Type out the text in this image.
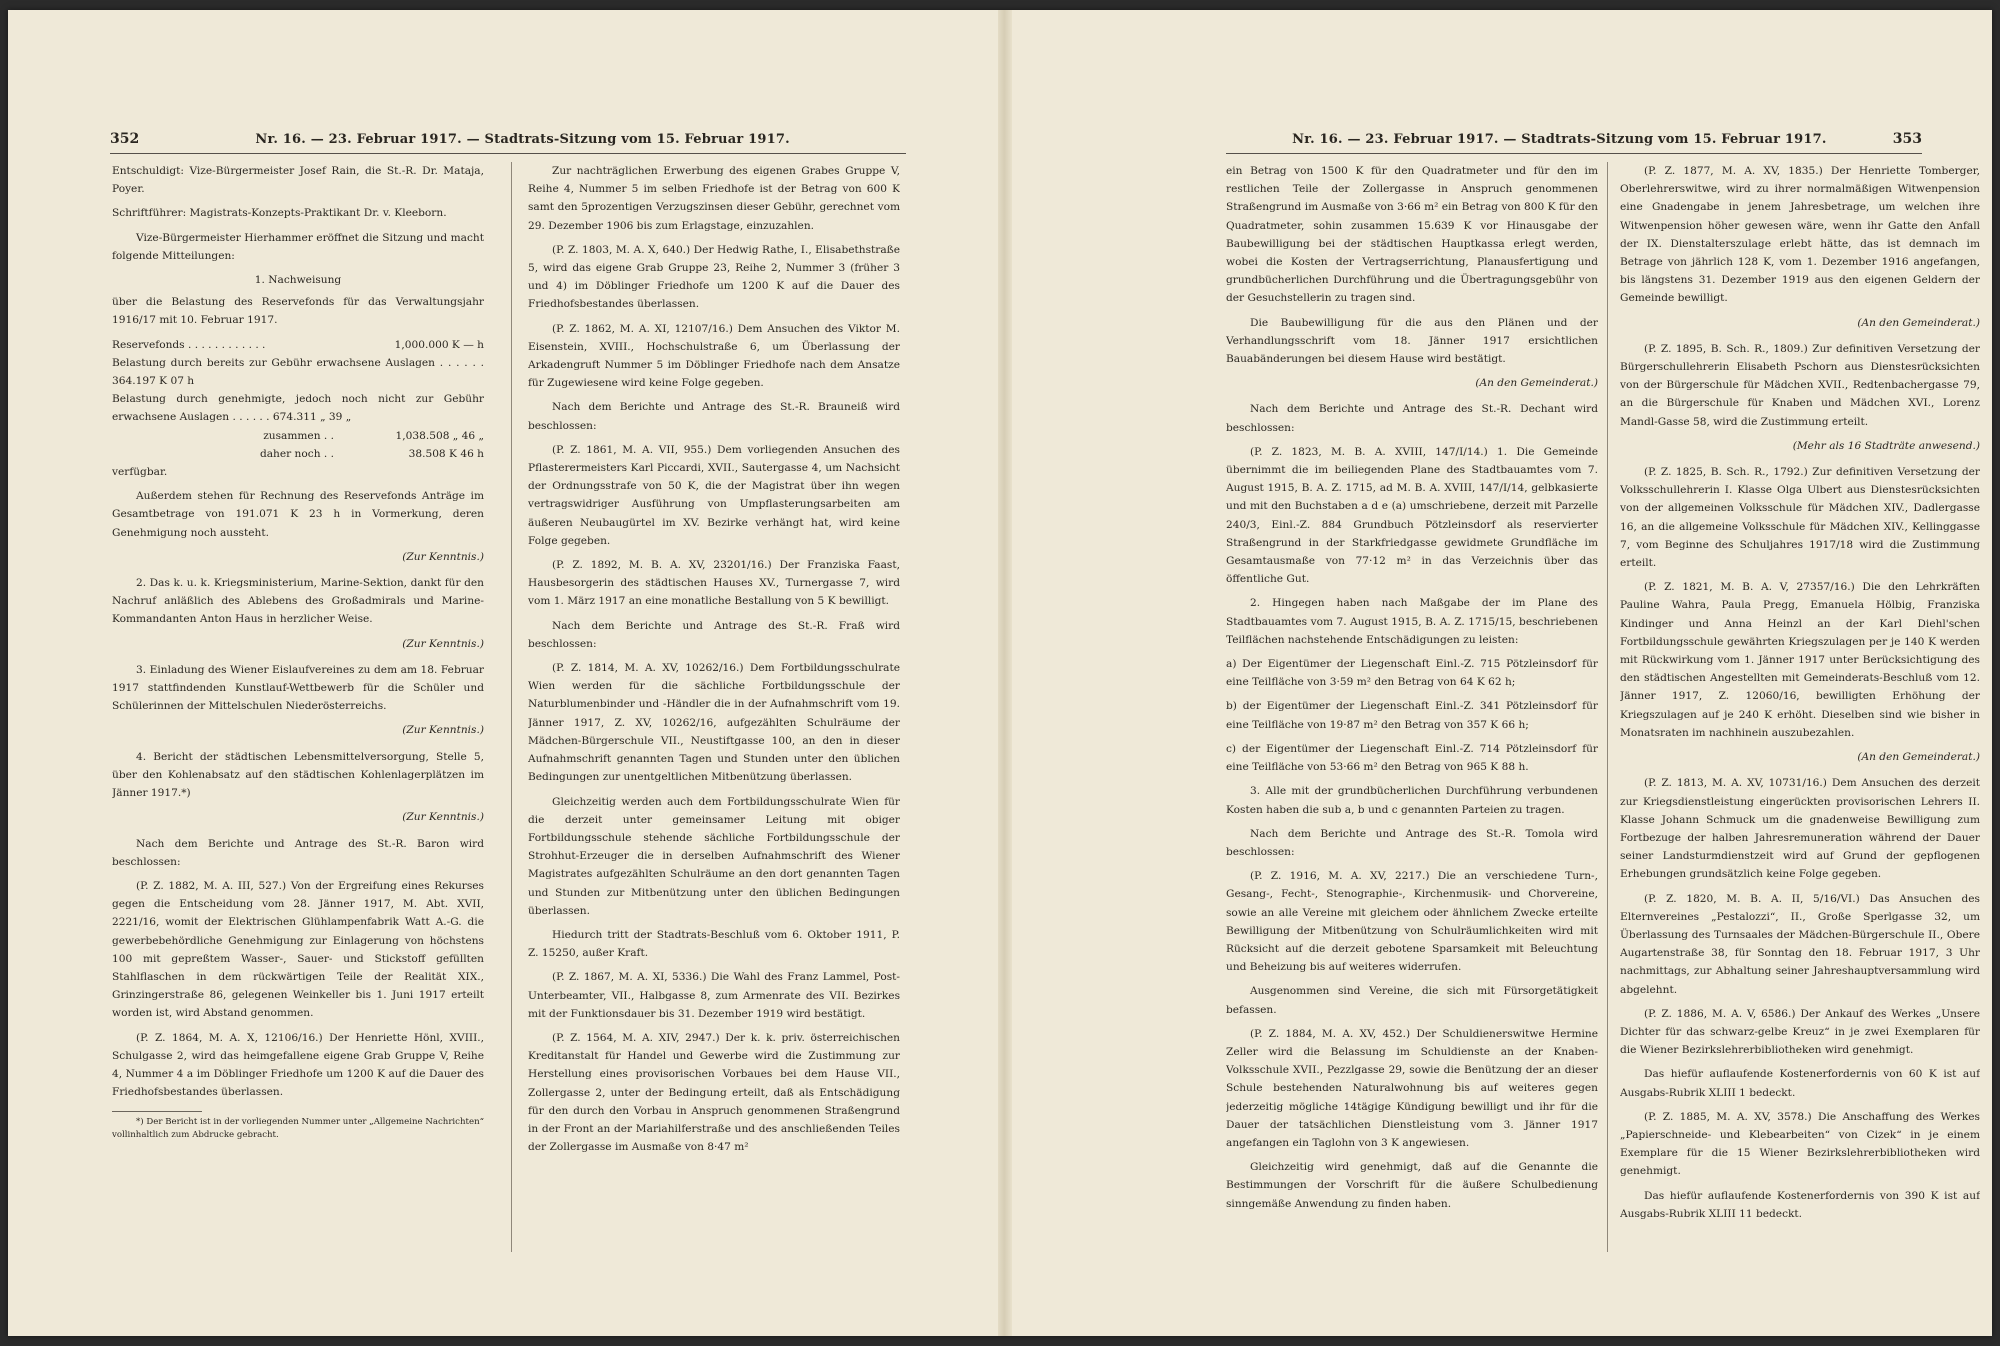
352	Nr. 16. — 23. Februar 1917. — Stadtrats-Sitzung vom 15. Februar 1917.

Entschuldigt: Vize-Bürgermeister Josef Rain, die St.-R. Dr. Mataja, Poyer.

Schriftführer: Magistrats-Konzepts-Praktikant Dr. v. Kleeborn.

Vize-Bürgermeister Hierhammer eröffnet die Sitzung und macht folgende Mitteilungen:

1. Nachweisung

über die Belastung des Reservefonds für das Verwaltungsjahr 1916/17 mit 10. Februar 1917.

Reservefonds . . . . . . . . . . . .	1,000.000 K — h
Belastung durch bereits zur Gebühr erwachsene Auslagen . . . . . . 364.197 K 07 h	
Belastung durch genehmigte, jedoch noch nicht zur Gebühr erwachsene Auslagen . . . . . . 674.311 „ 39 „	
zusammen . .	1,038.508 „ 46 „
daher noch . .	38.508 K 46 h

verfügbar.

Außerdem stehen für Rechnung des Reservefonds Anträge im Gesamtbetrage von 191.071 K 23 h in Vormerkung, deren Genehmigung noch aussteht.

(Zur Kenntnis.)

2. Das k. u. k. Kriegsministerium, Marine-Sektion, dankt für den Nachruf anläßlich des Ablebens des Großadmirals und Marine-Kommandanten Anton Haus in herzlicher Weise.

(Zur Kenntnis.)

3. Einladung des Wiener Eislaufvereines zu dem am 18. Februar 1917 stattfindenden Kunstlauf-Wettbewerb für die Schüler und Schülerinnen der Mittelschulen Niederösterreichs.

(Zur Kenntnis.)

4. Bericht der städtischen Lebensmittelversorgung, Stelle 5, über den Kohlenabsatz auf den städtischen Kohlenlagerplätzen im Jänner 1917.*)

(Zur Kenntnis.)

Nach dem Berichte und Antrage des St.-R. Baron wird beschlossen:

(P. Z. 1882, M. A. III, 527.) Von der Ergreifung eines Rekurses gegen die Entscheidung vom 28. Jänner 1917, M. Abt. XVII, 2221/16, womit der Elektrischen Glühlampenfabrik Watt A.-G. die gewerbebehördliche Genehmigung zur Einlagerung von höchstens 100 mit gepreßtem Wasser-, Sauer- und Stickstoff gefüllten Stahlflaschen in dem rückwärtigen Teile der Realität XIX., Grinzingerstraße 86, gelegenen Weinkeller bis 1. Juni 1917 erteilt worden ist, wird Abstand genommen.

(P. Z. 1864, M. A. X, 12106/16.) Der Henriette Hönl, XVIII., Schulgasse 2, wird das heimgefallene eigene Grab Gruppe V, Reihe 4, Nummer 4 a im Döblinger Friedhofe um 1200 K auf die Dauer des Friedhofsbestandes überlassen.

*) Der Bericht ist in der vorliegenden Nummer unter „Allgemeine Nachrichten“ vollinhaltlich zum Abdrucke gebracht.

Zur nachträglichen Erwerbung des eigenen Grabes Gruppe V, Reihe 4, Nummer 5 im selben Friedhofe ist der Betrag von 600 K samt den 5prozentigen Verzugszinsen dieser Gebühr, gerechnet vom 29. Dezember 1906 bis zum Erlagstage, einzuzahlen.

(P. Z. 1803, M. A. X, 640.) Der Hedwig Rathe, I., Elisabethstraße 5, wird das eigene Grab Gruppe 23, Reihe 2, Nummer 3 (früher 3 und 4) im Döblinger Friedhofe um 1200 K auf die Dauer des Friedhofsbestandes überlassen.

(P. Z. 1862, M. A. XI, 12107/16.) Dem Ansuchen des Viktor M. Eisenstein, XVIII., Hochschulstraße 6, um Überlassung der Arkadengruft Nummer 5 im Döblinger Friedhofe nach dem Ansatze für Zugewiesene wird keine Folge gegeben.

Nach dem Berichte und Antrage des St.-R. Brauneiß wird beschlossen:

(P. Z. 1861, M. A. VII, 955.) Dem vorliegenden Ansuchen des Pflasterermeisters Karl Piccardi, XVII., Sautergasse 4, um Nachsicht der Ordnungsstrafe von 50 K, die der Magistrat über ihn wegen vertragswidriger Ausführung von Umpflasterungsarbeiten am äußeren Neubaugürtel im XV. Bezirke verhängt hat, wird keine Folge gegeben.

(P. Z. 1892, M. B. A. XV, 23201/16.) Der Franziska Faast, Hausbesorgerin des städtischen Hauses XV., Turnergasse 7, wird vom 1. März 1917 an eine monatliche Bestallung von 5 K bewilligt.

Nach dem Berichte und Antrage des St.-R. Fraß wird beschlossen:

(P. Z. 1814, M. A. XV, 10262/16.) Dem Fortbildungsschulrate Wien werden für die sächliche Fortbildungsschule der Naturblumenbinder und -Händler die in der Aufnahmschrift vom 19. Jänner 1917, Z. XV, 10262/16, aufgezählten Schulräume der Mädchen-Bürgerschule VII., Neustiftgasse 100, an den in dieser Aufnahmschrift genannten Tagen und Stunden unter den üblichen Bedingungen zur unentgeltlichen Mitbenützung überlassen.

Gleichzeitig werden auch dem Fortbildungsschulrate Wien für die derzeit unter gemeinsamer Leitung mit obiger Fortbildungsschule stehende sächliche Fortbildungsschule der Strohhut-Erzeuger die in derselben Aufnahmschrift des Wiener Magistrates aufgezählten Schulräume an den dort genannten Tagen und Stunden zur Mitbenützung unter den üblichen Bedingungen überlassen.

Hiedurch tritt der Stadtrats-Beschluß vom 6. Oktober 1911, P. Z. 15250, außer Kraft.

(P. Z. 1867, M. A. XI, 5336.) Die Wahl des Franz Lammel, Post-Unterbeamter, VII., Halbgasse 8, zum Armenrate des VII. Bezirkes mit der Funktionsdauer bis 31. Dezember 1919 wird bestätigt.

(P. Z. 1564, M. A. XIV, 2947.) Der k. k. priv. österreichischen Kreditanstalt für Handel und Gewerbe wird die Zustimmung zur Herstellung eines provisorischen Vorbaues bei dem Hause VII., Zollergasse 2, unter der Bedingung erteilt, daß als Entschädigung für den durch den Vorbau in Anspruch genommenen Straßengrund in der Front an der Mariahilferstraße und des anschließenden Teiles der Zollergasse im Ausmaße von 8·47 m²

Nr. 16. — 23. Februar 1917. — Stadtrats-Sitzung vom 15. Februar 1917.	353

ein Betrag von 1500 K für den Quadratmeter und für den im restlichen Teile der Zollergasse in Anspruch genommenen Straßengrund im Ausmaße von 3·66 m² ein Betrag von 800 K für den Quadratmeter, sohin zusammen 15.639 K vor Hinausgabe der Baubewilligung bei der städtischen Hauptkassa erlegt werden, wobei die Kosten der Vertragserrichtung, Planausfertigung und grundbücherlichen Durchführung und die Übertragungsgebühr von der Gesuchstellerin zu tragen sind.

Die Baubewilligung für die aus den Plänen und der Verhandlungsschrift vom 18. Jänner 1917 ersichtlichen Bauabänderungen bei diesem Hause wird bestätigt.

(An den Gemeinderat.)

Nach dem Berichte und Antrage des St.-R. Dechant wird beschlossen:

(P. Z. 1823, M. B. A. XVIII, 147/I/14.) 1. Die Gemeinde übernimmt die im beiliegenden Plane des Stadtbauamtes vom 7. August 1915, B. A. Z. 1715, ad M. B. A. XVIII, 147/I/14, gelbkasierte und mit den Buchstaben a d e (a) umschriebene, derzeit mit Parzelle 240/3, Einl.-Z. 884 Grundbuch Pötzleinsdorf als reservierter Straßengrund in der Starkfriedgasse gewidmete Grundfläche im Gesamtausmaße von 77·12 m² in das Verzeichnis über das öffentliche Gut.

2. Hingegen haben nach Maßgabe der im Plane des Stadtbauamtes vom 7. August 1915, B. A. Z. 1715/15, beschriebenen Teilflächen nachstehende Entschädigungen zu leisten:

a) Der Eigentümer der Liegenschaft Einl.-Z. 715 Pötzleinsdorf für eine Teilfläche von 3·59 m² den Betrag von 64 K 62 h;

b) der Eigentümer der Liegenschaft Einl.-Z. 341 Pötzleinsdorf für eine Teilfläche von 19·87 m² den Betrag von 357 K 66 h;

c) der Eigentümer der Liegenschaft Einl.-Z. 714 Pötzleinsdorf für eine Teilfläche von 53·66 m² den Betrag von 965 K 88 h.

3. Alle mit der grundbücherlichen Durchführung verbundenen Kosten haben die sub a, b und c genannten Parteien zu tragen.

Nach dem Berichte und Antrage des St.-R. Tomola wird beschlossen:

(P. Z. 1916, M. A. XV, 2217.) Die an verschiedene Turn-, Gesang-, Fecht-, Stenographie-, Kirchenmusik- und Chorvereine, sowie an alle Vereine mit gleichem oder ähnlichem Zwecke erteilte Bewilligung der Mitbenützung von Schulräumlichkeiten wird mit Rücksicht auf die derzeit gebotene Sparsamkeit mit Beleuchtung und Beheizung bis auf weiteres widerrufen.

Ausgenommen sind Vereine, die sich mit Fürsorgetätigkeit befassen.

(P. Z. 1884, M. A. XV, 452.) Der Schuldienerswitwe Hermine Zeller wird die Belassung im Schuldienste an der Knaben-Volksschule XVII., Pezzlgasse 29, sowie die Benützung der an dieser Schule bestehenden Naturalwohnung bis auf weiteres gegen jederzeitig mögliche 14tägige Kündigung bewilligt und ihr für die Dauer der tatsächlichen Dienstleistung vom 3. Jänner 1917 angefangen ein Taglohn von 3 K angewiesen.

Gleichzeitig wird genehmigt, daß auf die Genannte die Bestimmungen der Vorschrift für die äußere Schulbedienung sinngemäße Anwendung zu finden haben.

(P. Z. 1877, M. A. XV, 1835.) Der Henriette Tomberger, Oberlehrerswitwe, wird zu ihrer normalmäßigen Witwenpension eine Gnadengabe in jenem Jahresbetrage, um welchen ihre Witwenpension höher gewesen wäre, wenn ihr Gatte den Anfall der IX. Dienstalterszulage erlebt hätte, das ist demnach im Betrage von jährlich 128 K, vom 1. Dezember 1916 angefangen, bis längstens 31. Dezember 1919 aus den eigenen Geldern der Gemeinde bewilligt.

(An den Gemeinderat.)

(P. Z. 1895, B. Sch. R., 1809.) Zur definitiven Versetzung der Bürgerschullehrerin Elisabeth Pschorn aus Dienstesrücksichten von der Bürgerschule für Mädchen XVII., Redtenbachergasse 79, an die Bürgerschule für Knaben und Mädchen XVI., Lorenz Mandl-Gasse 58, wird die Zustimmung erteilt.

(Mehr als 16 Stadträte anwesend.)

(P. Z. 1825, B. Sch. R., 1792.) Zur definitiven Versetzung der Volksschullehrerin I. Klasse Olga Ulbert aus Dienstesrücksichten von der allgemeinen Volksschule für Mädchen XIV., Dadlergasse 16, an die allgemeine Volksschule für Mädchen XIV., Kellinggasse 7, vom Beginne des Schuljahres 1917/18 wird die Zustimmung erteilt.

(P. Z. 1821, M. B. A. V, 27357/16.) Die den Lehrkräften Pauline Wahra, Paula Pregg, Emanuela Hölbig, Franziska Kindinger und Anna Heinzl an der Karl Diehl'schen Fortbildungsschule gewährten Kriegszulagen per je 140 K werden mit Rückwirkung vom 1. Jänner 1917 unter Berücksichtigung des den städtischen Angestellten mit Gemeinderats-Beschluß vom 12. Jänner 1917, Z. 12060/16, bewilligten Erhöhung der Kriegszulagen auf je 240 K erhöht. Dieselben sind wie bisher in Monatsraten im nachhinein auszubezahlen.

(An den Gemeinderat.)

(P. Z. 1813, M. A. XV, 10731/16.) Dem Ansuchen des derzeit zur Kriegsdienstleistung eingerückten provisorischen Lehrers II. Klasse Johann Schmuck um die gnadenweise Bewilligung zum Fortbezuge der halben Jahresremuneration während der Dauer seiner Landsturmdienstzeit wird auf Grund der gepflogenen Erhebungen grundsätzlich keine Folge gegeben.

(P. Z. 1820, M. B. A. II, 5/16/VI.) Das Ansuchen des Elternvereines „Pestalozzi“, II., Große Sperlgasse 32, um Überlassung des Turnsaales der Mädchen-Bürgerschule II., Obere Augartenstraße 38, für Sonntag den 18. Februar 1917, 3 Uhr nachmittags, zur Abhaltung seiner Jahreshauptversammlung wird abgelehnt.

(P. Z. 1886, M. A. V, 6586.) Der Ankauf des Werkes „Unsere Dichter für das schwarz-gelbe Kreuz“ in je zwei Exemplaren für die Wiener Bezirkslehrerbibliotheken wird genehmigt.

Das hiefür auflaufende Kostenerfordernis von 60 K ist auf Ausgabs-Rubrik XLIII 1 bedeckt.

(P. Z. 1885, M. A. XV, 3578.) Die Anschaffung des Werkes „Papierschneide- und Klebearbeiten“ von Cizek“ in je einem Exemplare für die 15 Wiener Bezirkslehrerbibliotheken wird genehmigt.

Das hiefür auflaufende Kostenerfordernis von 390 K ist auf Ausgabs-Rubrik XLIII 11 bedeckt.
